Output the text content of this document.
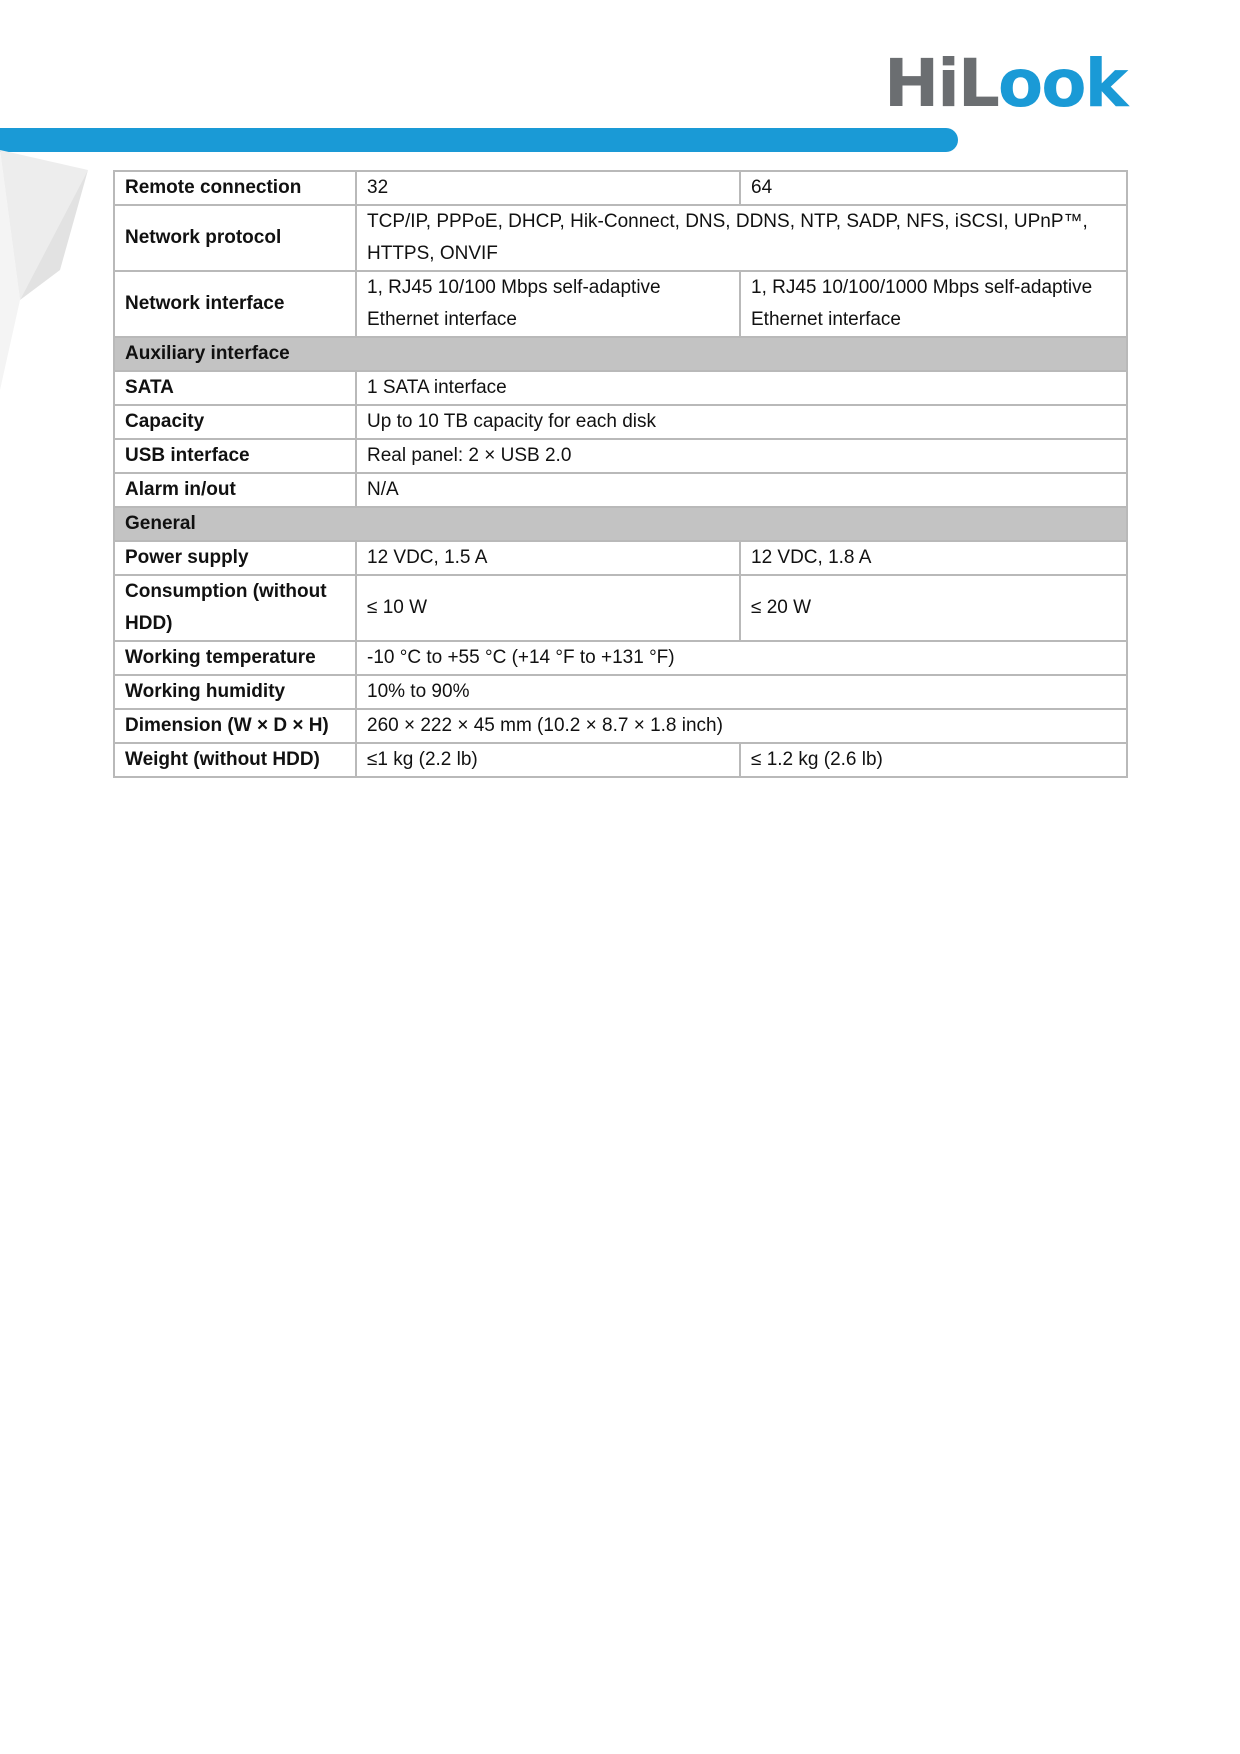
Hi L ook
Remote connection	32	64
Network protocol	TCP/IP, PPPoE, DHCP, Hik-Connect, DNS, DDNS, NTP, SADP, NFS, iSCSI, UPnP™, HTTPS, ONVIF	
Network interface	1, RJ45 10/100 Mbps self-adaptive Ethernet interface	1, RJ45 10/100/1000 Mbps self-adaptive Ethernet interface
Auxiliary interface		
SATA	1 SATA interface	
Capacity	Up to 10 TB capacity for each disk	
USB interface	Real panel: 2 × USB 2.0	
Alarm in/out	N/A	
General		
Power supply	12 VDC, 1.5 A	12 VDC, 1.8 A
Consumption (without HDD)	≤ 10 W	≤ 20 W
Working temperature	-10 °C to +55 °C (+14 °F to +131 °F)	
Working humidity	10% to 90%	
Dimension (W × D × H)	260 × 222 × 45 mm (10.2 × 8.7 × 1.8 inch)	
Weight (without HDD)	≤1 kg (2.2 lb)	≤ 1.2 kg (2.6 lb)
